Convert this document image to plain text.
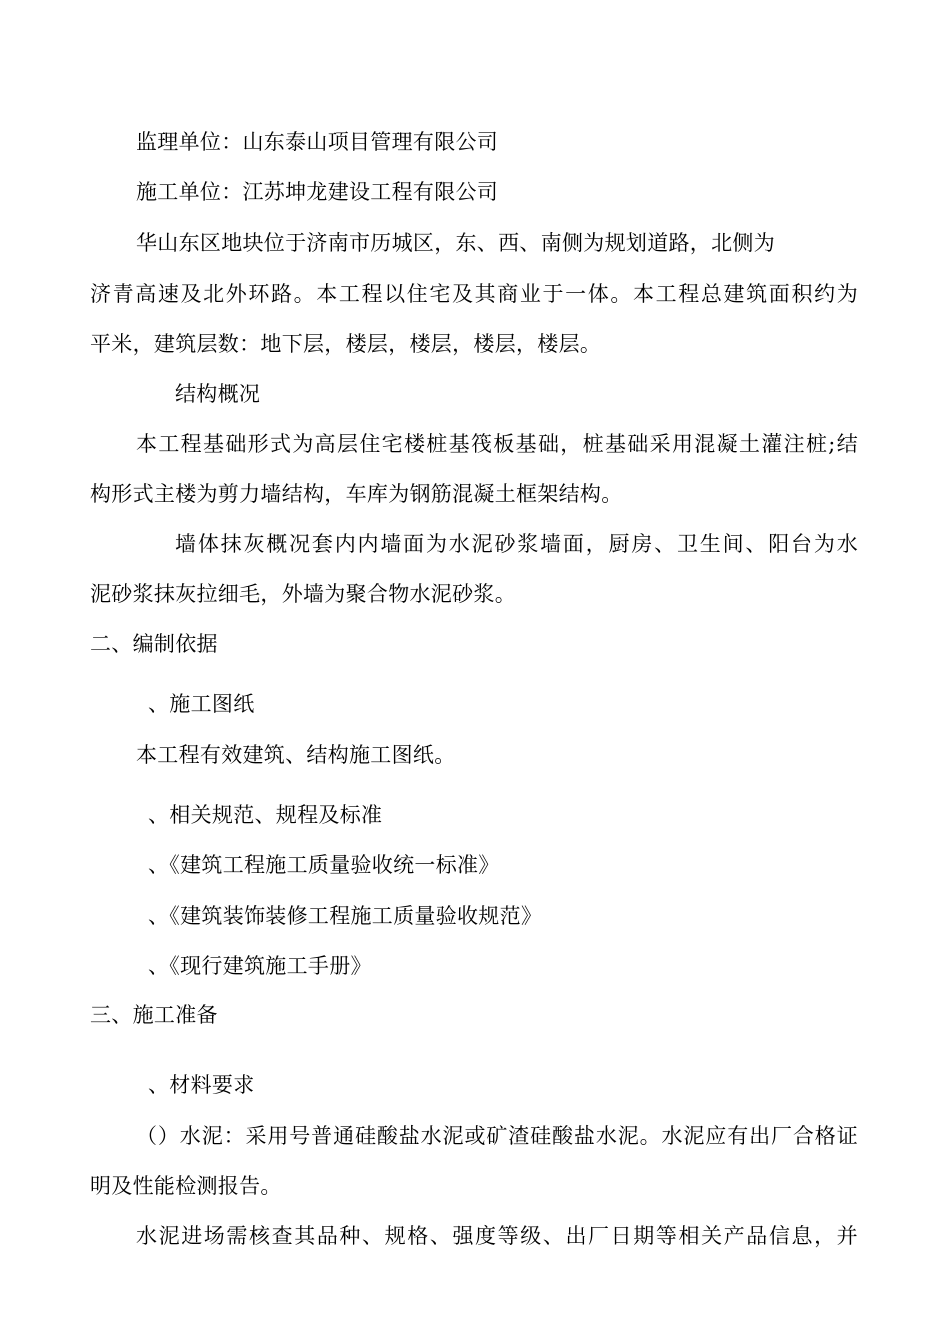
监理单位：山东泰山项目管理有限公司
施工单位：江苏坤龙建设工程有限公司
华山东区地块位于济南市历城区，东、西、南侧为规划道路，北侧为
济青高速及北外环路。本工程以住宅及其商业于一体。本工程总建筑面积约为
平米，建筑层数：地下层，楼层，楼层，楼层，楼层。
结构概况
本工程基础形式为高层住宅楼桩基筏板基础，桩基础采用混凝土灌注桩;结
构形式主楼为剪力墙结构，车库为钢筋混凝土框架结构。
墙体抹灰概况套内内墙面为水泥砂浆墙面，厨房、卫生间、阳台为水
泥砂浆抹灰拉细毛，外墙为聚合物水泥砂浆。
二、编制依据
、施工图纸
本工程有效建筑、结构施工图纸。
、相关规范、规程及标准
、《建筑工程施工质量验收统一标准》
、《建筑装饰装修工程施工质量验收规范》
、《现行建筑施工手册》
三、施工准备
、材料要求
（）水泥：采用号普通硅酸盐水泥或矿渣硅酸盐水泥。水泥应有出厂合格证
明及性能检测报告。
水泥进场需核查其品种、规格、强度等级、出厂日期等相关产品信息，并
